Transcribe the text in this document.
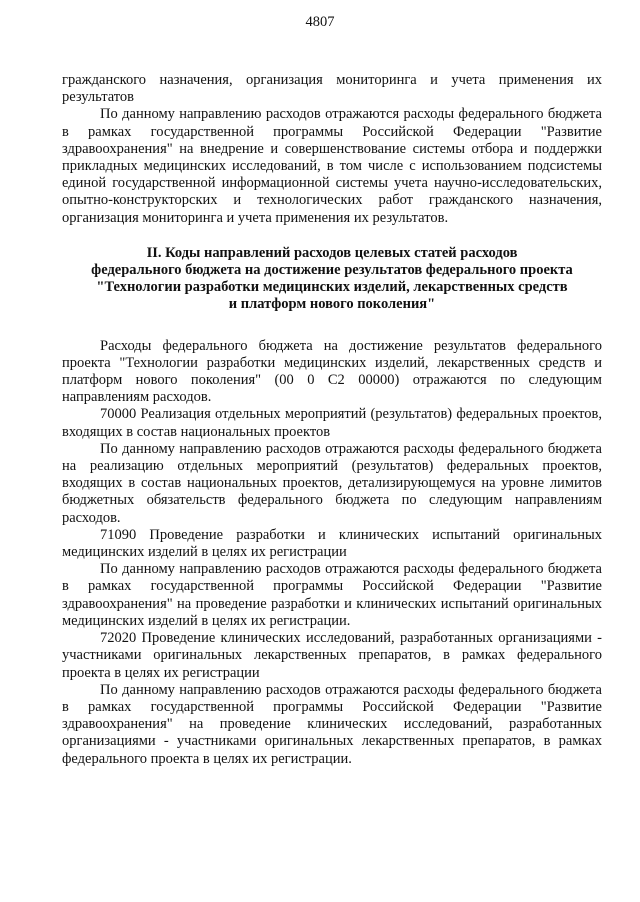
4807

гражданского назначения, организация мониторинга и учета применения их результатов

По данному направлению расходов отражаются расходы федерального бюджета в рамках государственной программы Российской Федерации "Развитие здравоохранения" на внедрение и совершенствование системы отбора и поддержки прикладных медицинских исследований, в том числе с использованием подсистемы единой государственной информационной системы учета научно-исследовательских, опытно-конструкторских и технологических работ гражданского назначения, организация мониторинга и учета применения их результатов.

II. Коды направлений расходов целевых статей расходов
федерального бюджета на достижение результатов федерального проекта
"Технологии разработки медицинских изделий, лекарственных средств
и платформ нового поколения"

Расходы федерального бюджета на достижение результатов федерального проекта "Технологии разработки медицинских изделий, лекарственных средств и платформ нового поколения" (00 0 С2 00000) отражаются по следующим направлениям расходов.

70000 Реализация отдельных мероприятий (результатов) федеральных проектов, входящих в состав национальных проектов

По данному направлению расходов отражаются расходы федерального бюджета на реализацию отдельных мероприятий (результатов) федеральных проектов, входящих в состав национальных проектов, детализирующемуся на уровне лимитов бюджетных обязательств федерального бюджета по следующим направлениям расходов.

71090 Проведение разработки и клинических испытаний оригинальных медицинских изделий в целях их регистрации

По данному направлению расходов отражаются расходы федерального бюджета в рамках государственной программы Российской Федерации "Развитие здравоохранения" на проведение разработки и клинических испытаний оригинальных медицинских изделий в целях их регистрации.

72020 Проведение клинических исследований, разработанных организациями - участниками оригинальных лекарственных препаратов, в рамках федерального проекта в целях их регистрации

По данному направлению расходов отражаются расходы федерального бюджета в рамках государственной программы Российской Федерации "Развитие здравоохранения" на проведение клинических исследований, разработанных организациями - участниками оригинальных лекарственных препаратов, в рамках федерального проекта в целях их регистрации.
